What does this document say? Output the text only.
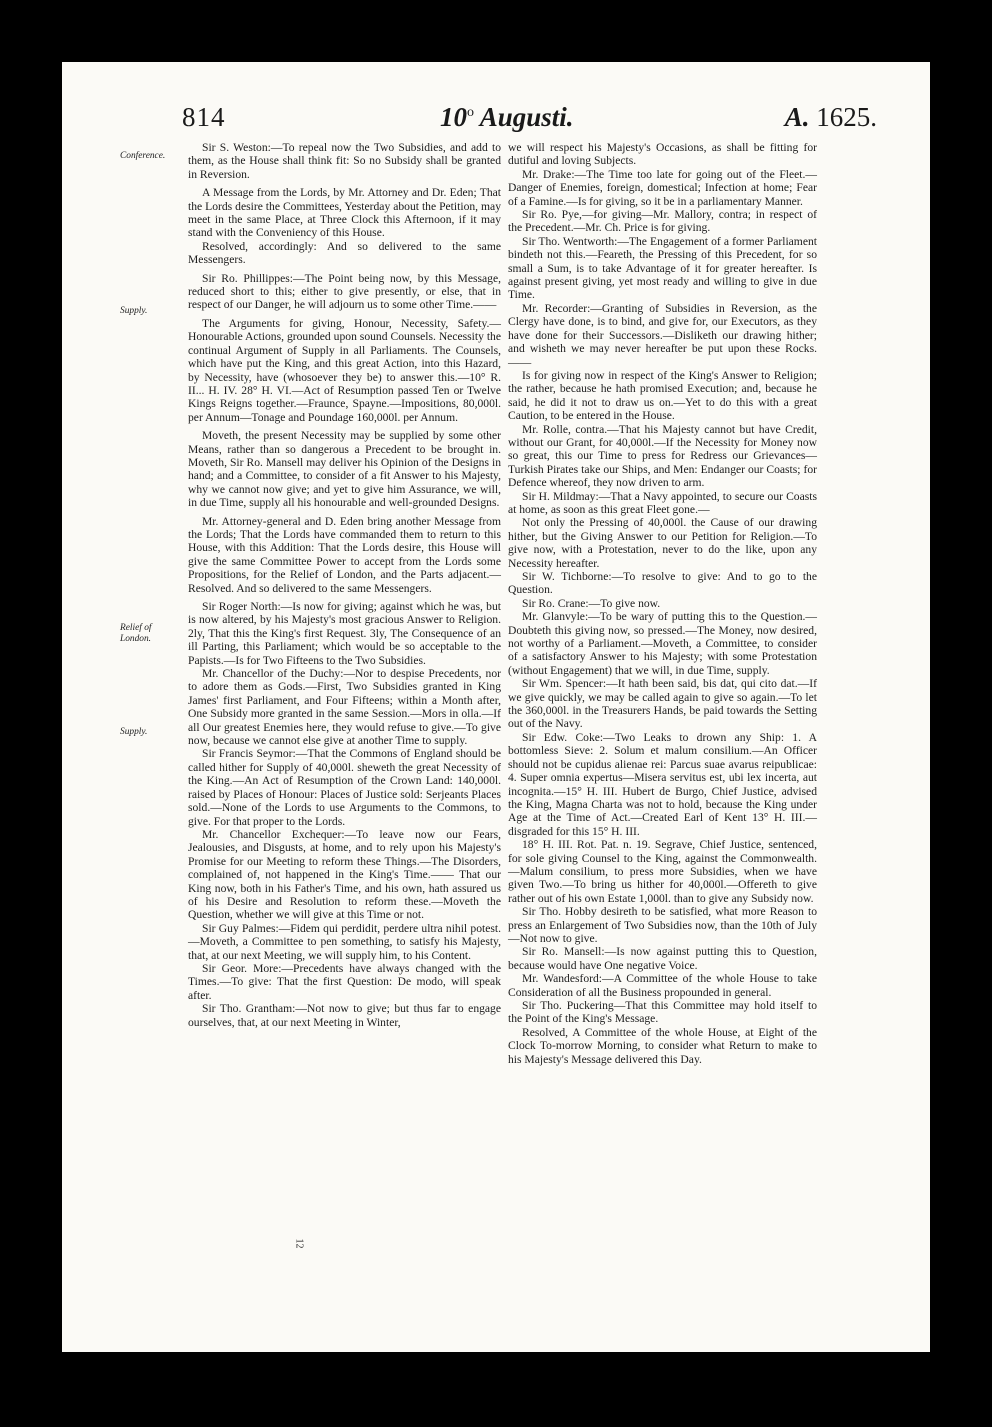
814	10$^o$ Augusti.	A. 1625.
Conference.
Supply.
Relief of London.
Supply.

Sir S. Weston:—To repeal now the Two Subsidies, and add to them, as the House shall think fit: So no Subsidy shall be granted in Reversion.

A Message from the Lords, by Mr. Attorney and Dr. Eden; That the Lords desire the Committees, Yesterday about the Petition, may meet in the same Place, at Three Clock this Afternoon, if it may stand with the Conveniency of this House.

Resolved, accordingly: And so delivered to the same Messengers.

Sir Ro. Phillippes:—The Point being now, by this Message, reduced short to this; either to give presently, or else, that in respect of our Danger, he will adjourn us to some other Time.——

The Arguments for giving, Honour, Necessity, Safety.—Honourable Actions, grounded upon sound Counsels. Necessity the continual Argument of Supply in all Parliaments. The Counsels, which have put the King, and this great Action, into this Hazard, by Necessity, have (whosoever they be) to answer this.—10° R. II... H. IV. 28° H. VI.—Act of Resumption passed Ten or Twelve Kings Reigns together.—Fraunce, Spayne.—Impositions, 80,000l. per Annum—Tonage and Poundage 160,000l. per Annum.

Moveth, the present Necessity may be supplied by some other Means, rather than so dangerous a Precedent to be brought in. Moveth, Sir Ro. Mansell may deliver his Opinion of the Designs in hand; and a Committee, to consider of a fit Answer to his Majesty, why we cannot now give; and yet to give him Assurance, we will, in due Time, supply all his honourable and well-grounded Designs.

Mr. Attorney-general and D. Eden bring another Message from the Lords; That the Lords have commanded them to return to this House, with this Addition: That the Lords desire, this House will give the same Committee Power to accept from the Lords some Propositions, for the Relief of London, and the Parts adjacent.—Resolved. And so delivered to the same Messengers.

Sir Roger North:—Is now for giving; against which he was, but is now altered, by his Majesty's most gracious Answer to Religion. 2ly, That this the King's first Request. 3ly, The Consequence of an ill Parting, this Parliament; which would be so acceptable to the Papists.—Is for Two Fifteens to the Two Subsidies.

Mr. Chancellor of the Duchy:—Nor to despise Precedents, nor to adore them as Gods.—First, Two Subsidies granted in King James' first Parliament, and Four Fifteens; within a Month after, One Subsidy more granted in the same Session.—Mors in olla.—If all Our greatest Enemies here, they would refuse to give.—To give now, because we cannot else give at another Time to supply.

Sir Francis Seymor:—That the Commons of England should be called hither for Supply of 40,000l. sheweth the great Necessity of the King.—An Act of Resumption of the Crown Land: 140,000l. raised by Places of Honour: Places of Justice sold: Serjeants Places sold.—None of the Lords to use Arguments to the Commons, to give. For that proper to the Lords.

Mr. Chancellor Exchequer:—To leave now our Fears, Jealousies, and Disgusts, at home, and to rely upon his Majesty's Promise for our Meeting to reform these Things.—The Disorders, complained of, not happened in the King's Time.—— That our King now, both in his Father's Time, and his own, hath assured us of his Desire and Resolution to reform these.—Moveth the Question, whether we will give at this Time or not.

Sir Guy Palmes:—Fidem qui perdidit, perdere ultra nihil potest.—Moveth, a Committee to pen something, to satisfy his Majesty, that, at our next Meeting, we will supply him, to his Content.

Sir Geor. More:—Precedents have always changed with the Times.—To give: That the first Question: De modo, will speak after.

Sir Tho. Grantham:—Not now to give; but thus far to engage ourselves, that, at our next Meeting in Winter,

we will respect his Majesty's Occasions, as shall be fitting for dutiful and loving Subjects.

Mr. Drake:—The Time too late for going out of the Fleet.—Danger of Enemies, foreign, domestical; Infection at home; Fear of a Famine.—Is for giving, so it be in a parliamentary Manner.

Sir Ro. Pye,—for giving—Mr. Mallory, contra; in respect of the Precedent.—Mr. Ch. Price is for giving.

Sir Tho. Wentworth:—The Engagement of a former Parliament bindeth not this.—Feareth, the Pressing of this Precedent, for so small a Sum, is to take Advantage of it for greater hereafter. Is against present giving, yet most ready and willing to give in due Time.

Mr. Recorder:—Granting of Subsidies in Reversion, as the Clergy have done, is to bind, and give for, our Executors, as they have done for their Successors.—Disliketh our drawing hither; and wisheth we may never hereafter be put upon these Rocks.——

Is for giving now in respect of the King's Answer to Religion; the rather, because he hath promised Execution; and, because he said, he did it not to draw us on.—Yet to do this with a great Caution, to be entered in the House.

Mr. Rolle, contra.—That his Majesty cannot but have Credit, without our Grant, for 40,000l.—If the Necessity for Money now so great, this our Time to press for Redress our Grievances—Turkish Pirates take our Ships, and Men: Endanger our Coasts; for Defence whereof, they now driven to arm.

Sir H. Mildmay:—That a Navy appointed, to secure our Coasts at home, as soon as this great Fleet gone.—

Not only the Pressing of 40,000l. the Cause of our drawing hither, but the Giving Answer to our Petition for Religion.—To give now, with a Protestation, never to do the like, upon any Necessity hereafter.

Sir W. Tichborne:—To resolve to give: And to go to the Question.

Sir Ro. Crane:—To give now.

Mr. Glanvyle:—To be wary of putting this to the Question.—Doubteth this giving now, so pressed.—The Money, now desired, not worthy of a Parliament.—Moveth, a Committee, to consider of a satisfactory Answer to his Majesty; with some Protestation (without Engagement) that we will, in due Time, supply.

Sir Wm. Spencer:—It hath been said, bis dat, qui cito dat.—If we give quickly, we may be called again to give so again.—To let the 360,000l. in the Treasurers Hands, be paid towards the Setting out of the Navy.

Sir Edw. Coke:—Two Leaks to drown any Ship: 1. A bottomless Sieve: 2. Solum et malum consilium.—An Officer should not be cupidus alienae rei: Parcus suae avarus reipublicae: 4. Super omnia expertus—Misera servitus est, ubi lex incerta, aut incognita.—15° H. III. Hubert de Burgo, Chief Justice, advised the King, Magna Charta was not to hold, because the King under Age at the Time of Act.—Created Earl of Kent 13° H. III.—disgraded for this 15° H. III.

18° H. III. Rot. Pat. n. 19. Segrave, Chief Justice, sentenced, for sole giving Counsel to the King, against the Commonwealth.—Malum consilium, to press more Subsidies, when we have given Two.—To bring us hither for 40,000l.—Offereth to give rather out of his own Estate 1,000l. than to give any Subsidy now.

Sir Tho. Hobby desireth to be satisfied, what more Reason to press an Enlargement of Two Subsidies now, than the 10th of July—Not now to give.

Sir Ro. Mansell:—Is now against putting this to Question, because would have One negative Voice.

Mr. Wandesford:—A Committee of the whole House to take Consideration of all the Business propounded in general.

Sir Tho. Puckering—That this Committee may hold itself to the Point of the King's Message.

Resolved, A Committee of the whole House, at Eight of the Clock To-morrow Morning, to consider what Return to make to his Majesty's Message delivered this Day.

12
